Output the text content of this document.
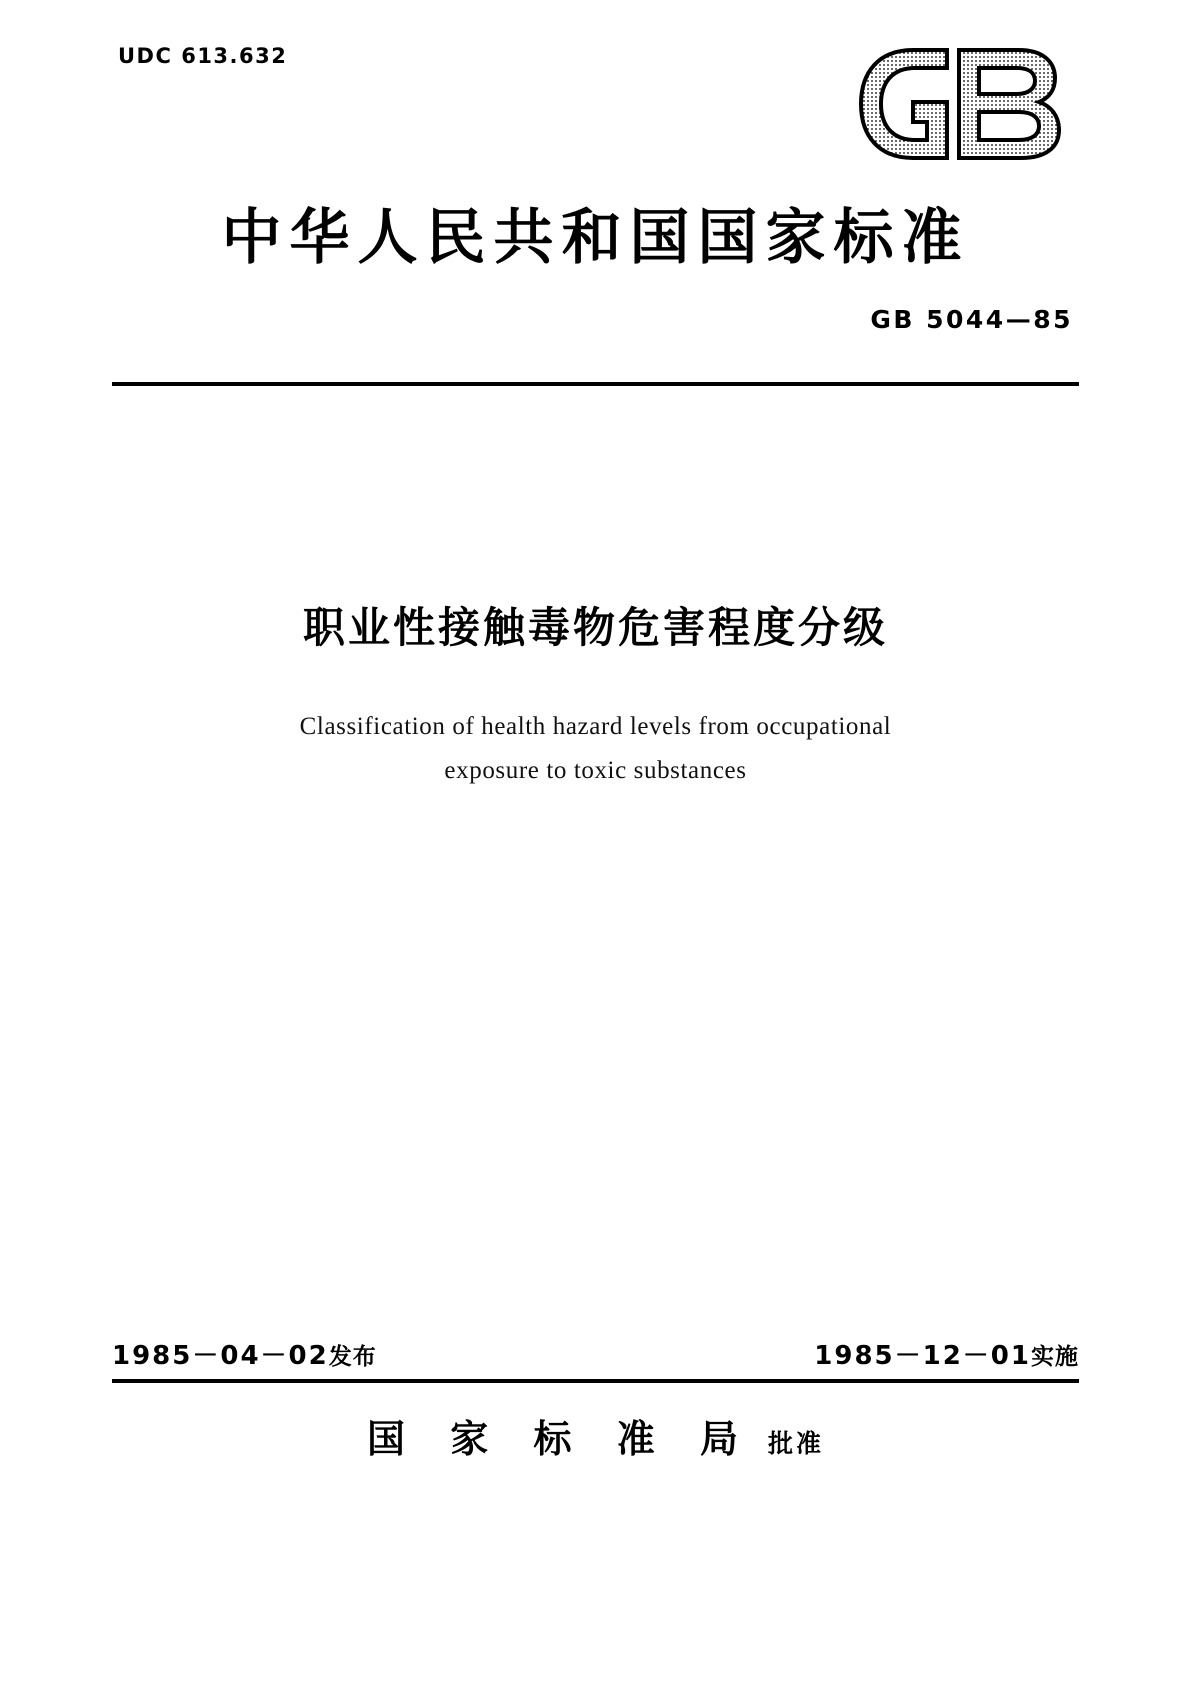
UDC 613.632
中华人民共和国国家标准
GB 5044—85
职业性接触毒物危害程度分级
Classification of health hazard levels from occupational
exposure to toxic substances
1985－04－02发布	1985－12－01实施
国 家 标 准 局 批准
